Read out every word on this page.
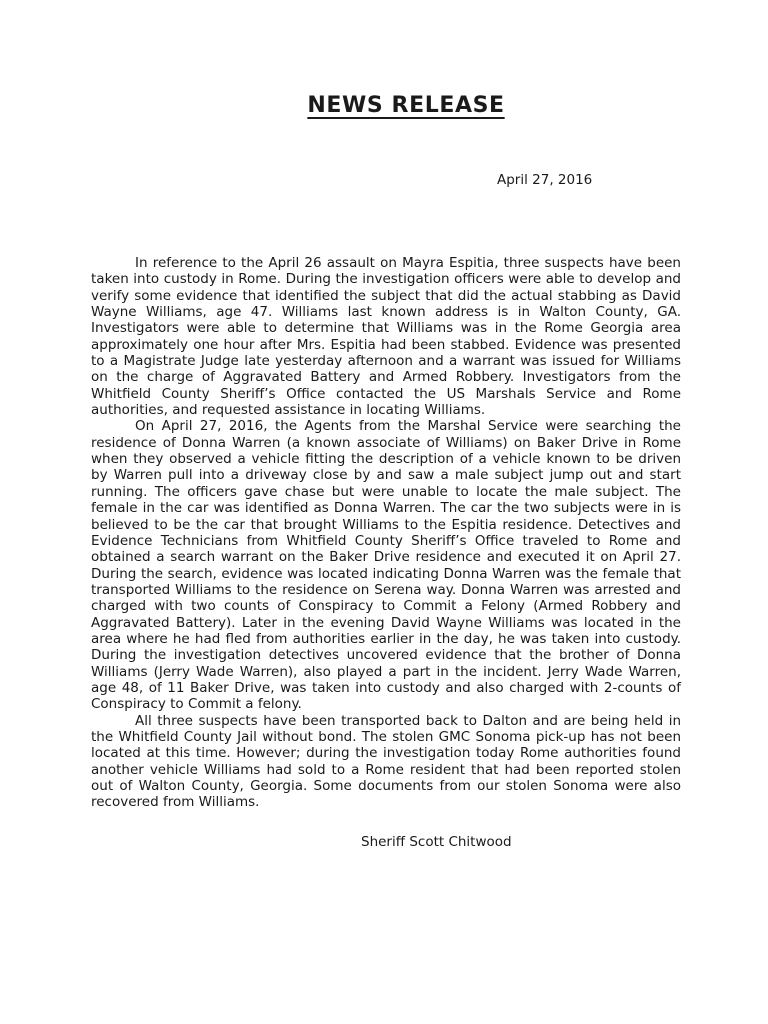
NEWS RELEASE
April 27, 2016

In reference to the April 26 assault on Mayra Espitia, three suspects have been taken into custody in Rome. During the investigation officers were able to develop and verify some evidence that identified the subject that did the actual stabbing as David Wayne Williams, age 47. Williams last known address is in Walton County, GA. Investigators were able to determine that Williams was in the Rome Georgia area approximately one hour after Mrs. Espitia had been stabbed. Evidence was presented to a Magistrate Judge late yesterday afternoon and a warrant was issued for Williams on the charge of Aggravated Battery and Armed Robbery. Investigators from the Whitfield County Sheriff’s Office contacted the US Marshals Service and Rome authorities, and requested assistance in locating Williams.

On April 27, 2016, the Agents from the Marshal Service were searching the residence of Donna Warren (a known associate of Williams) on Baker Drive in Rome when they observed a vehicle fitting the description of a vehicle known to be driven by Warren pull into a driveway close by and saw a male subject jump out and start running. The officers gave chase but were unable to locate the male subject. The female in the car was identified as Donna Warren. The car the two subjects were in is believed to be the car that brought Williams to the Espitia residence. Detectives and Evidence Technicians from Whitfield County Sheriff’s Office traveled to Rome and obtained a search warrant on the Baker Drive residence and executed it on April 27. During the search, evidence was located indicating Donna Warren was the female that transported Williams to the residence on Serena way. Donna Warren was arrested and charged with two counts of Conspiracy to Commit a Felony (Armed Robbery and Aggravated Battery). Later in the evening David Wayne Williams was located in the area where he had fled from authorities earlier in the day, he was taken into custody. During the investigation detectives uncovered evidence that the brother of Donna Williams (Jerry Wade Warren), also played a part in the incident. Jerry Wade Warren, age 48, of 11 Baker Drive, was taken into custody and also charged with 2-counts of Conspiracy to Commit a felony.

All three suspects have been transported back to Dalton and are being held in the Whitfield County Jail without bond. The stolen GMC Sonoma pick-up has not been located at this time. However; during the investigation today Rome authorities found another vehicle Williams had sold to a Rome resident that had been reported stolen out of Walton County, Georgia. Some documents from our stolen Sonoma were also recovered from Williams.

Sheriff Scott Chitwood
